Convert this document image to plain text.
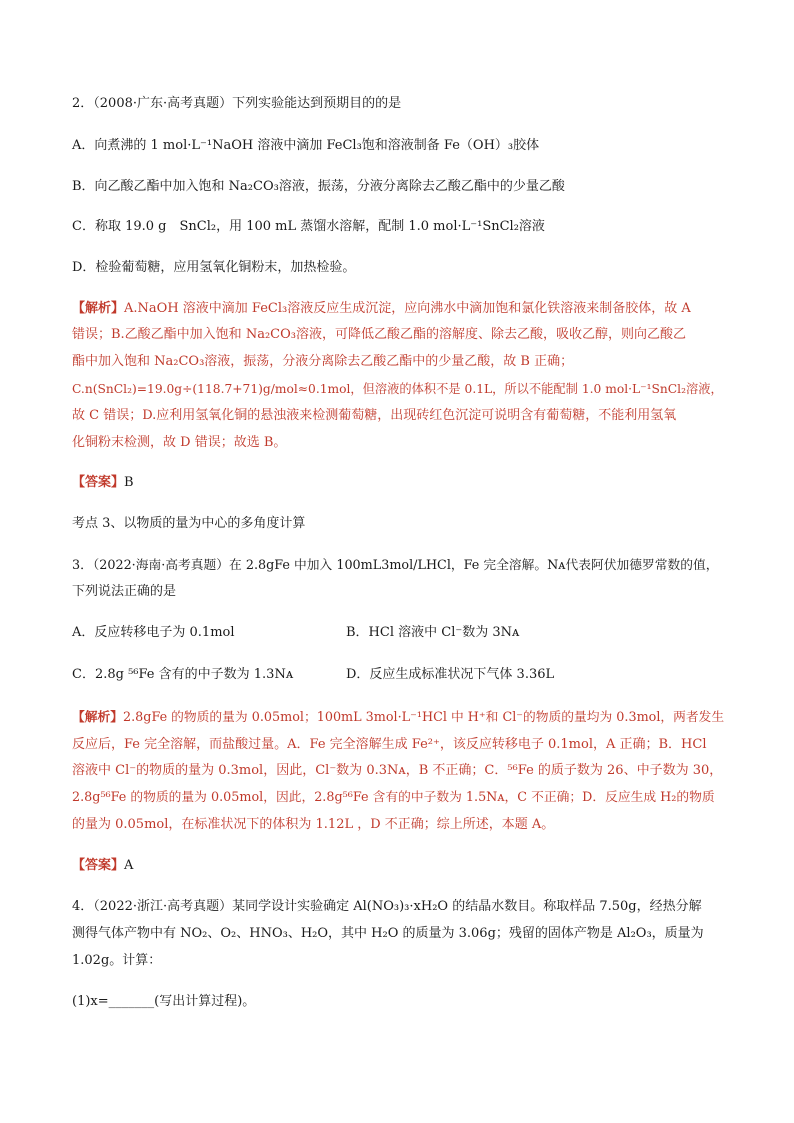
2．（2008·广东·高考真题）下列实验能达到预期目的的是
A．向煮沸的 1 mol·L⁻¹NaOH 溶液中滴加 FeCl₃饱和溶液制备 Fe（OH）₃胶体
B．向乙酸乙酯中加入饱和 Na₂CO₃溶液，振荡，分液分离除去乙酸乙酯中的少量乙酸
C．称取 19.0 g　SnCl₂，用 100 mL 蒸馏水溶解，配制 1.0 mol·L⁻¹SnCl₂溶液
D．检验葡萄糖，应用氢氧化铜粉末，加热检验。
【解析】A.NaOH 溶液中滴加 FeCl₃溶液反应生成沉淀，应向沸水中滴加饱和氯化铁溶液来制备胶体，故 A
错误；B.乙酸乙酯中加入饱和 Na₂CO₃溶液，可降低乙酸乙酯的溶解度、除去乙酸，吸收乙醇，则向乙酸乙
酯中加入饱和 Na₂CO₃溶液，振荡，分液分离除去乙酸乙酯中的少量乙酸，故 B 正确；
C.n(SnCl₂)=19.0g÷(118.7+71)g/mol≈0.1mol，但溶液的体积不是 0.1L，所以不能配制 1.0 mol·L⁻¹SnCl₂溶液，
故 C 错误；D.应利用氢氧化铜的悬浊液来检测葡萄糖，出现砖红色沉淀可说明含有葡萄糖，不能利用氢氧
化铜粉末检测，故 D 错误；故选 B。
【答案】B
考点 3、以物质的量为中心的多角度计算
3．（2022·海南·高考真题）在 2.8gFe 中加入 100mL3mol/LHCl，Fe 完全溶解。Nᴀ代表阿伏加德罗常数的值，
下列说法正确的是
A．反应转移电子为 0.1mol	B．HCl 溶液中 Cl⁻数为 3Nᴀ
C．2.8g ⁵⁶Fe 含有的中子数为 1.3Nᴀ	D．反应生成标准状况下气体 3.36L
【解析】2.8gFe 的物质的量为 0.05mol；100mL 3mol·L⁻¹HCl 中 H⁺和 Cl⁻的物质的量均为 0.3mol，两者发生
反应后，Fe 完全溶解，而盐酸过量。A．Fe 完全溶解生成 Fe²⁺，该反应转移电子 0.1mol，A 正确；B．HCl
溶液中 Cl⁻的物质的量为 0.3mol，因此，Cl⁻数为 0.3Nᴀ，B 不正确；C．⁵⁶Fe 的质子数为 26、中子数为 30，
2.8g⁵⁶Fe 的物质的量为 0.05mol，因此，2.8g⁵⁶Fe 含有的中子数为 1.5Nᴀ，C 不正确；D．反应生成 H₂的物质
的量为 0.05mol，在标准状况下的体积为 1.12L ，D 不正确；综上所述，本题 A。
【答案】A
4．（2022·浙江·高考真题）某同学设计实验确定 Al(NO₃)₃·xH₂O 的结晶水数目。称取样品 7.50g，经热分解
测得气体产物中有 NO₂、O₂、HNO₃、H₂O，其中 H₂O 的质量为 3.06g；残留的固体产物是 Al₂O₃，质量为
1.02g。计算：
(1)x=_______(写出计算过程)。
